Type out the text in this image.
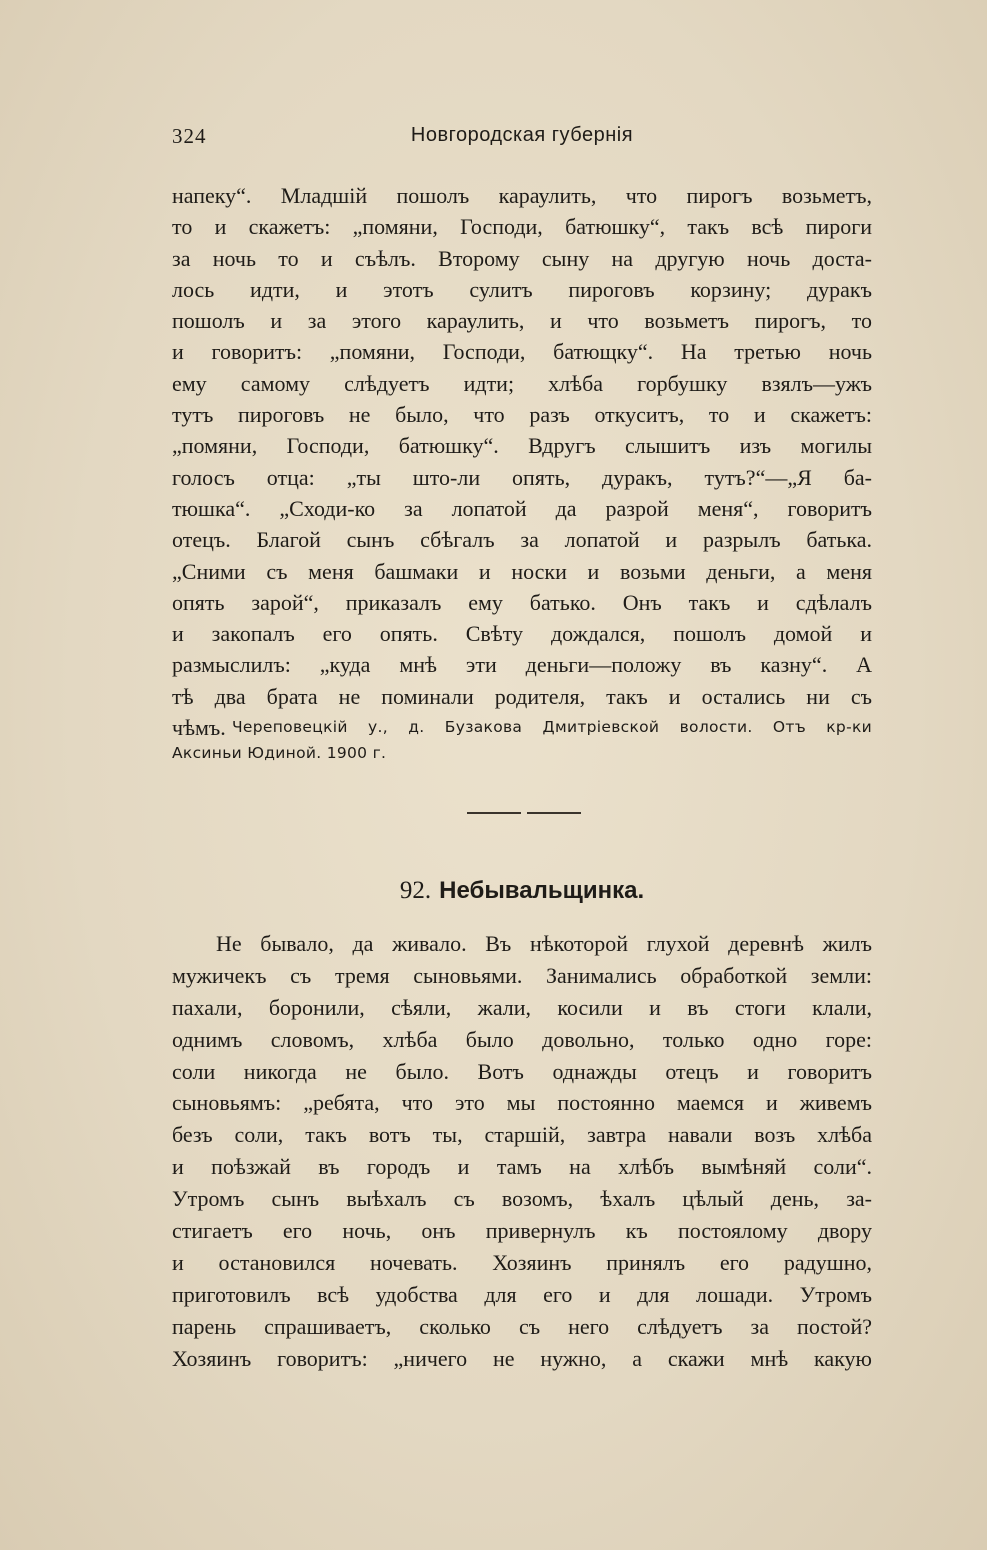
324	Новгородская губернія
напеку“. Младшій пошолъ караулить, что пирогъ возьметъ,
то и скажетъ: „помяни, Господи, батюшку“, такъ всѣ пироги
за ночь то и съѣлъ. Второму сыну на другую ночь доста-
лось идти, и этотъ сулитъ пироговъ корзину; дуракъ
пошолъ и за этого караулить, и что возьметъ пирогъ, то
и говоритъ: „помяни, Господи, батющку“. На третью ночь
ему самому слѣдуетъ идти; хлѣба горбушку взялъ—ужъ
тутъ пироговъ не было, что разъ откуситъ, то и скажетъ:
„помяни, Господи, батюшку“. Вдругъ слышитъ изъ могилы
голосъ отца: „ты што-ли опять, дуракъ, тутъ?“—„Я ба-
тюшка“. „Сходи-ко за лопатой да разрой меня“, говоритъ
отецъ. Благой сынъ сбѣгалъ за лопатой и разрылъ батька.
„Сними съ меня башмаки и носки и возьми деньги, а меня
опять зарой“, приказалъ ему батько. Онъ такъ и сдѣлалъ
и закопалъ его опять. Свѣту дождался, пошолъ домой и
размыслилъ: „куда мнѣ эти деньги—положу въ казну“. А
тѣ два брата не поминали родителя, такъ и остались ни съ
чѣмъ. Череповецкій у., д. Бузакова Дмитріевской волости. Отъ кр-ки
Аксиньи Юдиной. 1900 г.
92. Небывальщинка.
Не бывало, да живало. Въ нѣкоторой глухой деревнѣ жилъ
мужичекъ съ тремя сыновьями. Занимались обработкой земли:
пахали, боронили, сѣяли, жали, косили и въ стоги клали,
однимъ словомъ, хлѣба было довольно, только одно горе:
соли никогда не было. Вотъ однажды отецъ и говоритъ
сыновьямъ: „ребята, что это мы постоянно маемся и живемъ
безъ соли, такъ вотъ ты, старшій, завтра навали возъ хлѣба
и поѣзжай въ городъ и тамъ на хлѣбъ вымѣняй соли“.
Утромъ сынъ выѣхалъ съ возомъ, ѣхалъ цѣлый день, за-
стигаетъ его ночь, онъ привернулъ къ постоялому двору
и остановился ночевать. Хозяинъ принялъ его радушно,
приготовилъ всѣ удобства для его и для лошади. Утромъ
парень спрашиваетъ, сколько съ него слѣдуетъ за постой?
Хозяинъ говоритъ: „ничего не нужно, а скажи мнѣ какую
